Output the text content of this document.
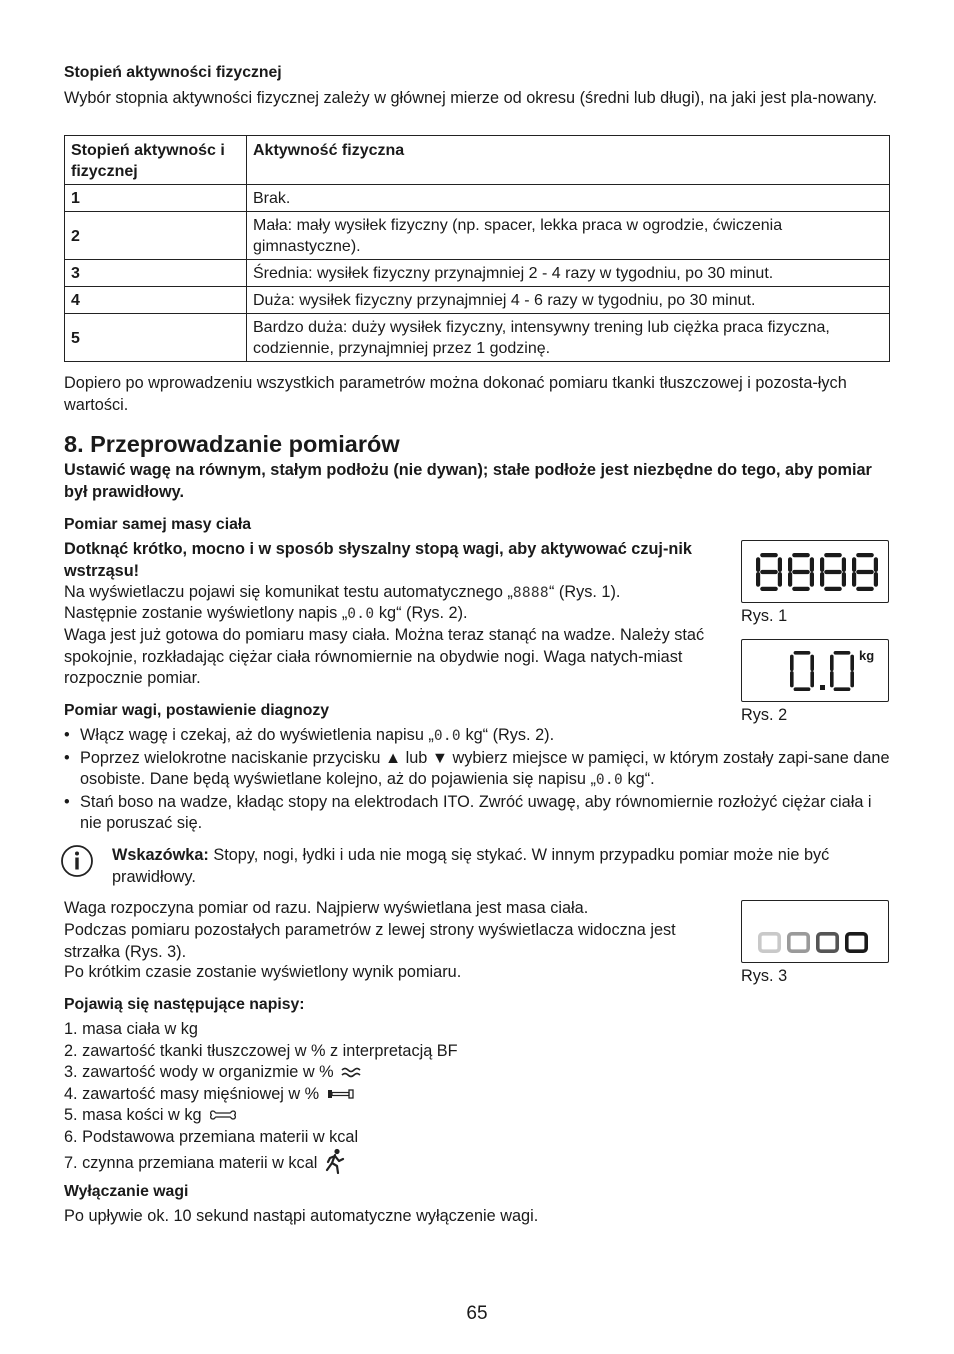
Stopień aktywności fizycznej

Wybór stopnia aktywności fizycznej zależy w głównej mierze od okresu (średni lub długi), na jaki jest pla-nowany.

Stopień aktywnośc i fizycznej	Aktywność fizyczna
1	Brak.
2	Mała: mały wysiłek fizyczny (np. spacer, lekka praca w ogrodzie, ćwiczenia gimnastyczne).
3	Średnia: wysiłek fizyczny przynajmniej 2 - 4 razy w tygodniu, po 30 minut.
4	Duża: wysiłek fizyczny przynajmniej 4 - 6 razy w tygodniu, po 30 minut.
5	Bardzo duża: duży wysiłek fizyczny, intensywny trening lub ciężka praca fizyczna, codziennie, przynajmniej przez 1 godzinę.

Dopiero po wprowadzeniu wszystkich parametrów można dokonać pomiaru tkanki tłuszczowej i pozosta-łych wartości.

8. Przeprowadzanie pomiarów

Ustawić wagę na równym, stałym podłożu (nie dywan); stałe podłoże jest niezbędne do tego, aby pomiar był prawidłowy.

Pomiar samej masy ciała

Dotknąć krótko, mocno i w sposób słyszalny stopą wagi, aby aktywować czuj-nik wstrząsu!

Na wyświetlaczu pojawi się komunikat testu automatycznego „8888“ (Rys. 1).

Następnie zostanie wyświetlony napis „0.0 kg“ (Rys. 2).

Waga jest już gotowa do pomiaru masy ciała. Można teraz stanąć na wadze. Należy stać spokojnie, rozkładając ciężar ciała równomiernie na obydwie nogi. Waga natych-miast rozpocznie pomiar.

Pomiar wagi, postawienie diagnozy

• Włącz wagę i czekaj, aż do wyświetlenia napisu „0.0 kg“ (Rys. 2).
• Poprzez wielokrotne naciskanie przycisku ▲ lub ▼ wybierz miejsce w pamięci, w którym zostały zapi-sane dane osobiste. Dane będą wyświetlane kolejno, aż do pojawienia się napisu „0.0 kg“.
• Stań boso na wadze, kładąc stopy na elektrodach ITO. Zwróć uwagę, aby równomiernie rozłożyć ciężar ciała i nie poruszać się.

Wskazówka: Stopy, nogi, łydki i uda nie mogą się stykać. W innym przypadku pomiar może nie być prawidłowy.

Waga rozpoczyna pomiar od razu. Najpierw wyświetlana jest masa ciała.

Podczas pomiaru pozostałych parametrów z lewej strony wyświetlacza widoczna jest strzałka (Rys. 3).

Po krótkim czasie zostanie wyświetlony wynik pomiaru.

Pojawią się następujące napisy:

1. masa ciała w kg
2. zawartość tkanki tłuszczowej w % z interpretacją BF
3. zawartość wody w organizmie w %
4. zawartość masy mięśniowej w %
5. masa kości w kg
6. Podstawowa przemiana materii w kcal
7. czynna przemiana materii w kcal

Wyłączanie wagi

Po upływie ok. 10 sekund nastąpi automatyczne wyłączenie wagi.

Rys. 1
kg
Rys. 2
Rys. 3
65
